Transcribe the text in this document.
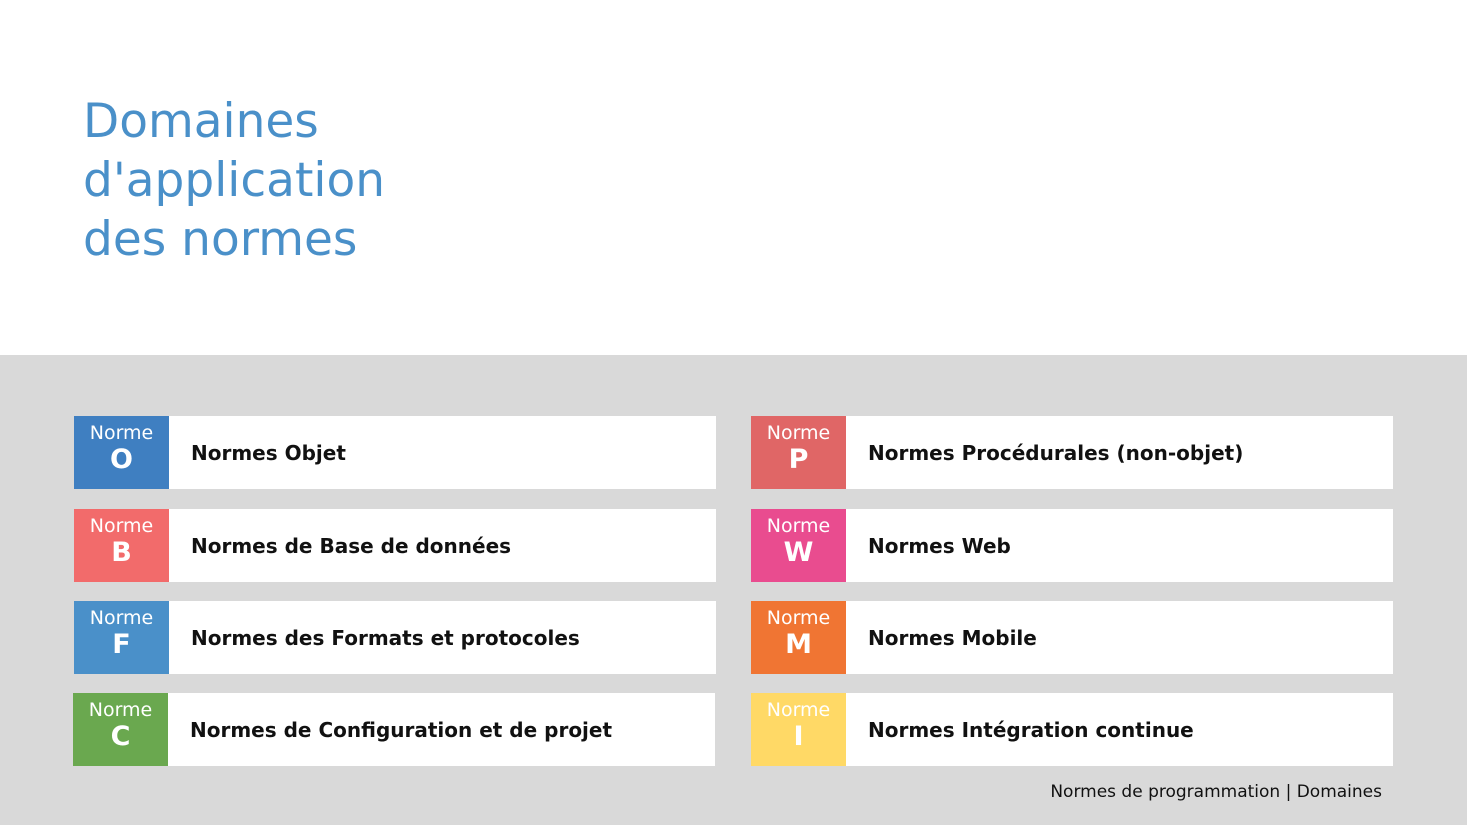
Domaines
d'application
des normes
Norme
O	Normes Objet
Norme
B	Normes de Base de données
Norme
F	Normes des Formats et protocoles
Norme
C	Normes de Configuration et de projet
Norme
P	Normes Procédurales (non-objet)
Norme
W	Normes Web
Norme
M	Normes Mobile
Norme
I	Normes Intégration continue
Normes de programmation | Domaines
